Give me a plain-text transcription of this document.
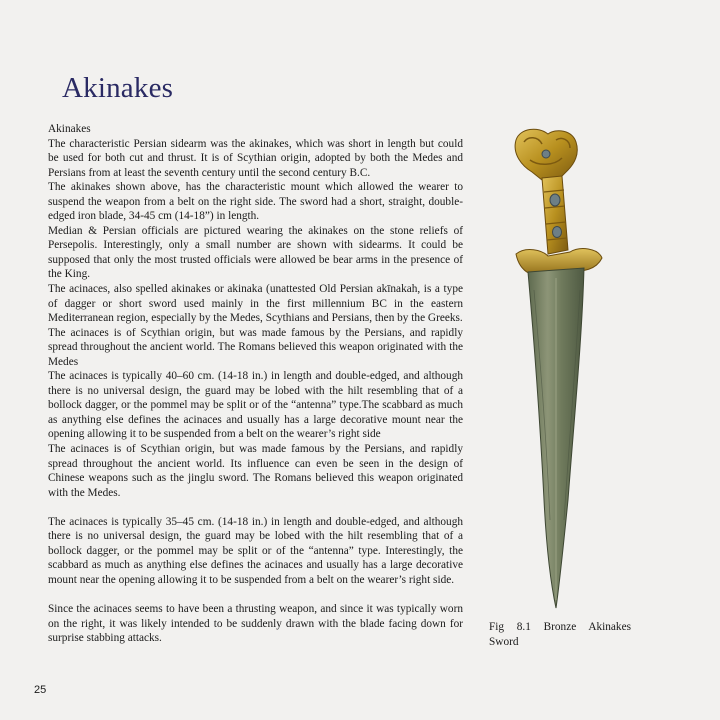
Akinakes

Akinakes

The characteristic Persian sidearm was the akinakes, which was short in length but could be used for both cut and thrust. It is of Scythian origin, adopted by both the Medes and Persians from at least the seventh century until the second century B.C.

The akinakes shown above, has the characteristic mount which allowed the wearer to suspend the weapon from a belt on the right side. The sword had a short, straight, double-edged iron blade, 34-45 cm (14-18”) in length.

Median & Persian officials are pictured wearing the akinakes on the stone reliefs of Persepolis. Interestingly, only a small number are shown with sidearms. It could be supposed that only the most trusted officials were allowed be bear arms in the presence of the King.

The acinaces, also spelled akinakes or akinaka (unattested Old Persian akīnakah, is a type of dagger or short sword used mainly in the first millennium BC in the eastern Mediterranean region, especially by the Medes, Scythians and Persians, then by the Greeks.

The acinaces is of Scythian origin, but was made famous by the Persians, and rapidly spread throughout the ancient world. The Romans believed this weapon originated with the Medes

The acinaces is typically 40–60 cm. (14-18 in.) in length and double-edged, and although there is no universal design, the guard may be lobed with the hilt resembling that of a bollock dagger, or the pommel may be split or of the “antenna” type.The scabbard as much as anything else defines the acinaces and usually has a large decorative mount near the opening allowing it to be suspended from a belt on the wearer’s right side

The acinaces is of Scythian origin, but was made famous by the Persians, and rapidly spread throughout the ancient world. Its influence can even be seen in the design of Chinese weapons such as the jinglu sword. The Romans believed this weapon originated with the Medes.

The acinaces is typically 35–45 cm. (14-18 in.) in length and double-edged, and although there is no universal design, the guard may be lobed with the hilt resembling that of a bollock dagger, or the pommel may be split or of the “antenna” type. Interestingly, the scabbard as much as anything else defines the acinaces and usually has a large decorative mount near the opening allowing it to be suspended from a belt on the wearer’s right side.

Since the acinaces seems to have been a thrusting weapon, and since it was typically worn on the right, it was likely intended to be suddenly drawn with the blade facing down for surprise stabbing attacks.

Fig   8.1   Bronze   Akinakes
Sword
25
